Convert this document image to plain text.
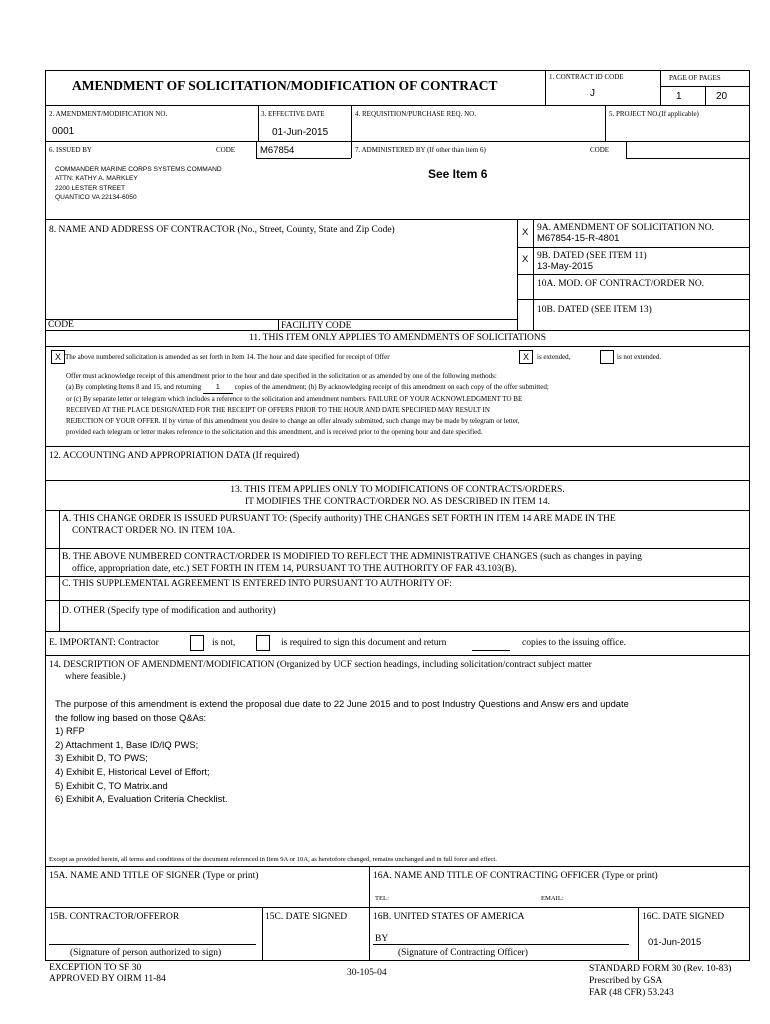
AMENDMENT OF SOLICITATION/MODIFICATION OF CONTRACT
1. CONTRACT ID CODE
J
PAGE OF PAGES
1	20
2. AMENDMENT/MODIFICATION NO.
0001
3. EFFECTIVE DATE
01-Jun-2015
4. REQUISITION/PURCHASE REQ. NO.	5. PROJECT NO.(If applicable)
6. ISSUED BY	CODE	M67854	7. ADMINISTERED BY (If other than item 6)	CODE
COMMANDER MARINE CORPS SYSTEMS COMMAND
ATTN: KATHY A. MARKLEY
2200 LESTER STREET
QUANTICO VA 22134-6050
See Item 6
8. NAME AND ADDRESS OF CONTRACTOR (No., Street, County, State and Zip Code)	X 9A. AMENDMENT OF SOLICITATION NO.
M67854-15-R-4801
X 9B. DATED (SEE ITEM 11)
13-May-2015
10A. MOD. OF CONTRACT/ORDER NO.
10B. DATED (SEE ITEM 13)
CODE	FACILITY CODE
11. THIS ITEM ONLY APPLIES TO AMENDMENTS OF SOLICITATIONS
X The above numbered solicitation is amended as set forth in Item 14. The hour and date specified for receipt of Offer	X	is extended,	is not extended.
Offer must acknowledge receipt of this amendment prior to the hour and date specified in the solicitation or as amended by one of the following methods:
(a) By completing Items 8 and 15, and returning 1 copies of the amendment; (b) By acknowledging receipt of this amendment on each copy of the offer submitted;
or (c) By separate letter or telegram which includes a reference to the solicitation and amendment numbers. FAILURE OF YOUR ACKNOWLEDGMENT TO BE
RECEIVED AT THE PLACE DESIGNATED FOR THE RECEIPT OF OFFERS PRIOR TO THE HOUR AND DATE SPECIFIED MAY RESULT IN
REJECTION OF YOUR OFFER. If by virtue of this amendment you desire to change an offer already submitted, such change may be made by telegram or letter,
provided each telegram or letter makes reference to the solicitation and this amendment, and is received prior to the opening hour and date specified.
12. ACCOUNTING AND APPROPRIATION DATA (If required)
13. THIS ITEM APPLIES ONLY TO MODIFICATIONS OF CONTRACTS/ORDERS.
IT MODIFIES THE CONTRACT/ORDER NO. AS DESCRIBED IN ITEM 14.
A. THIS CHANGE ORDER IS ISSUED PURSUANT TO: (Specify authority) THE CHANGES SET FORTH IN ITEM 14 ARE MADE IN THE
CONTRACT ORDER NO. IN ITEM 10A.
B. THE ABOVE NUMBERED CONTRACT/ORDER IS MODIFIED TO REFLECT THE ADMINISTRATIVE CHANGES (such as changes in paying
office, appropriation date, etc.) SET FORTH IN ITEM 14, PURSUANT TO THE AUTHORITY OF FAR 43.103(B).
C. THIS SUPPLEMENTAL AGREEMENT IS ENTERED INTO PURSUANT TO AUTHORITY OF:
D. OTHER (Specify type of modification and authority)
E. IMPORTANT: Contractor	is not,	is required to sign this document and return	copies to the issuing office.
14. DESCRIPTION OF AMENDMENT/MODIFICATION (Organized by UCF section headings, including solicitation/contract subject matter
where feasible.)
The purpose of this amendment is extend the proposal due date to 22 June 2015 and to post Industry Questions and Answ ers and update
the follow ing based on those Q&As:
1) RFP
2) Attachment 1, Base ID/IQ PWS;
3) Exhibit D, TO PWS;
4) Exhibit E, Historical Level of Effort;
5) Exhibit C, TO Matrix.and
6) Exhibit A, Evaluation Criteria Checklist.
Except as provided herein, all terms and conditions of the document referenced in Item 9A or 10A, as heretofore changed, remains unchanged and in full force and effect.
15A. NAME AND TITLE OF SIGNER (Type or print)	16A. NAME AND TITLE OF CONTRACTING OFFICER (Type or print)
TEL:	EMAIL:
15B. CONTRACTOR/OFFEROR	15C. DATE SIGNED	16B. UNITED STATES OF AMERICA	16C. DATE SIGNED
BY	01-Jun-2015
(Signature of person authorized to sign)	(Signature of Contracting Officer)
EXCEPTION TO SF 30
APPROVED BY OIRM 11-84
30-105-04	STANDARD FORM 30 (Rev. 10-83)
Prescribed by GSA
FAR (48 CFR) 53.243
